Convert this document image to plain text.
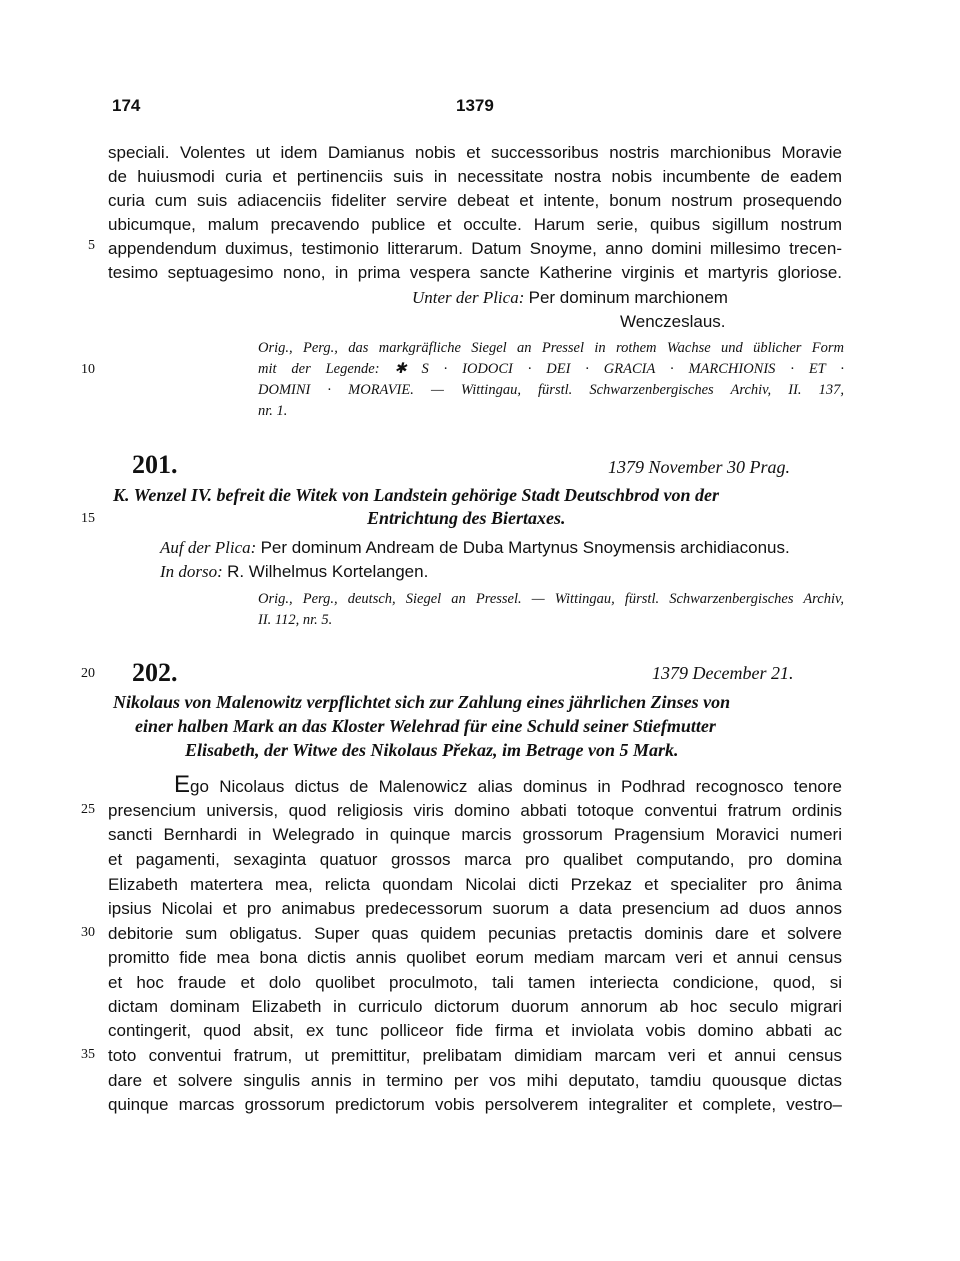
174	1379
speciali. Volentes ut idem Damianus nobis et successoribus nostris marchionibus Moravie
de huiusmodi curia et pertinenciis suis in necessitate nostra nobis incumbente de eadem
curia cum suis adiacenciis fideliter servire debeat et intente, bonum nostrum prosequendo
ubicumque, malum precavendo publice et occulte. Harum serie, quibus sigillum nostrum
5 appendendum duximus, testimonio litterarum. Datum Snoyme, anno domini millesimo trecen-
tesimo septuagesimo nono, in prima vespera sancte Katherine virginis et martyris gloriose.
Unter der Plica: Per dominum marchionem
Wenczeslaus.
Orig., Perg., das markgräfliche Siegel an Pressel in rothem Wachse und üblicher Form
10	mit der Legende: ✱ S · IODOCI · DEI · GRACIA · MARCHIONIS · ET ·
DOMINI · MORAVIE. — Wittingau, fürstl. Schwarzenbergisches Archiv, II. 137,
nr. 1.
201.	1379 November 30 Prag.
K. Wenzel IV. befreit die Witek von Landstein gehörige Stadt Deutschbrod von der
15	Entrichtung des Biertaxes.
Auf der Plica: Per dominum Andream de Duba Martynus Snoymensis archidiaconus.
In dorso: R. Wilhelmus Kortelangen.
Orig., Perg., deutsch, Siegel an Pressel. — Wittingau, fürstl. Schwarzenbergisches Archiv,
II. 112, nr. 5.
20 202.	1379 December 21.
Nikolaus von Malenowitz verpflichtet sich zur Zahlung eines jährlichen Zinses von
einer halben Mark an das Kloster Welehrad für eine Schuld seiner Stiefmutter
Elisabeth, der Witwe des Nikolaus Překaz, im Betrage von 5 Mark.
Ego Nicolaus dictus de Malenowicz alias dominus in Podhrad recognosco tenore
25 presencium universis, quod religiosis viris domino abbati totoque conventui fratrum ordinis
sancti Bernhardi in Welegrado in quinque marcis grossorum Pragensium Moravici numeri
et pagamenti, sexaginta quatuor grossos marca pro qualibet computando, pro domina
Elizabeth matertera mea, relicta quondam Nicolai dicti Przekaz et specialiter pro ânima
ipsius Nicolai et pro animabus predecessorum suorum a data presencium ad duos annos
30 debitorie sum obligatus. Super quas quidem pecunias pretactis dominis dare et solvere
promitto fide mea bona dictis annis quolibet eorum mediam marcam veri et annui census
et hoc fraude et dolo quolibet proculmoto, tali tamen interiecta condicione, quod, si
dictam dominam Elizabeth in curriculo dictorum duorum annorum ab hoc seculo migrari
contingerit, quod absit, ex tunc polliceor fide firma et inviolata vobis domino abbati ac
35 toto conventui fratrum, ut premittitur, prelibatam dimidiam marcam veri et annui census
dare et solvere singulis annis in termino per vos mihi deputato, tamdiu quousque dictas
quinque marcas grossorum predictorum vobis persolverem integraliter et complete, vestro–
